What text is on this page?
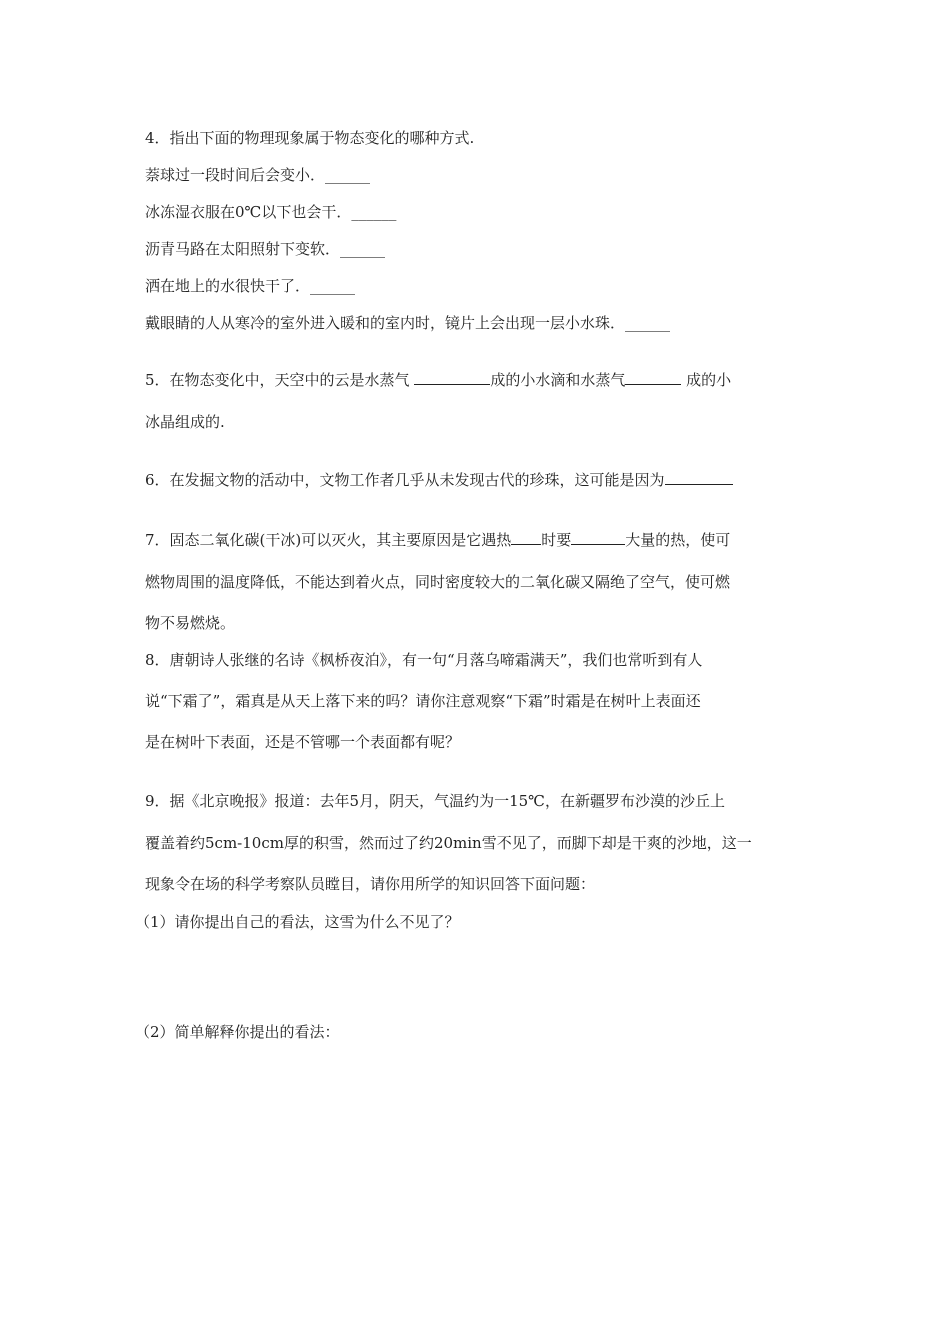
4．指出下面的物理现象属于物态变化的哪种方式.
萘球过一段时间后会变小．______
冰冻湿衣服在0℃以下也会干．______
沥青马路在太阳照射下变软．______
洒在地上的水很快干了．______
戴眼睛的人从寒冷的室外进入暖和的室内时，镜片上会出现一层小水珠．______
5．在物态变化中，天空中的云是水蒸气	成的小水滴和水蒸气	成的小
冰晶组成的.
6．在发掘文物的活动中，文物工作者几乎从未发现古代的珍珠，这可能是因为
7．固态二氧化碳(干冰)可以灭火，其主要原因是它遇热 时要	大量的热，使可
燃物周围的温度降低，不能达到着火点，同时密度较大的二氧化碳又隔绝了空气，使可燃
物不易燃烧。
8．唐朝诗人张继的名诗《枫桥夜泊》，有一句“月落乌啼霜满天”，我们也常听到有人
说“下霜了”，霜真是从天上落下来的吗？请你注意观察“下霜”时霜是在树叶上表面还
是在树叶下表面，还是不管哪一个表面都有呢？
9．据《北京晚报》报道：去年5月，阴天，气温约为一15℃，在新疆罗布沙漠的沙丘上
覆盖着约5cm-10cm厚的积雪，然而过了约20min雪不见了，而脚下却是干爽的沙地，这一
现象令在场的科学考察队员瞠目，请你用所学的知识回答下面问题：
（1）请你提出自己的看法，这雪为什么不见了？
（2）简单解释你提出的看法：
